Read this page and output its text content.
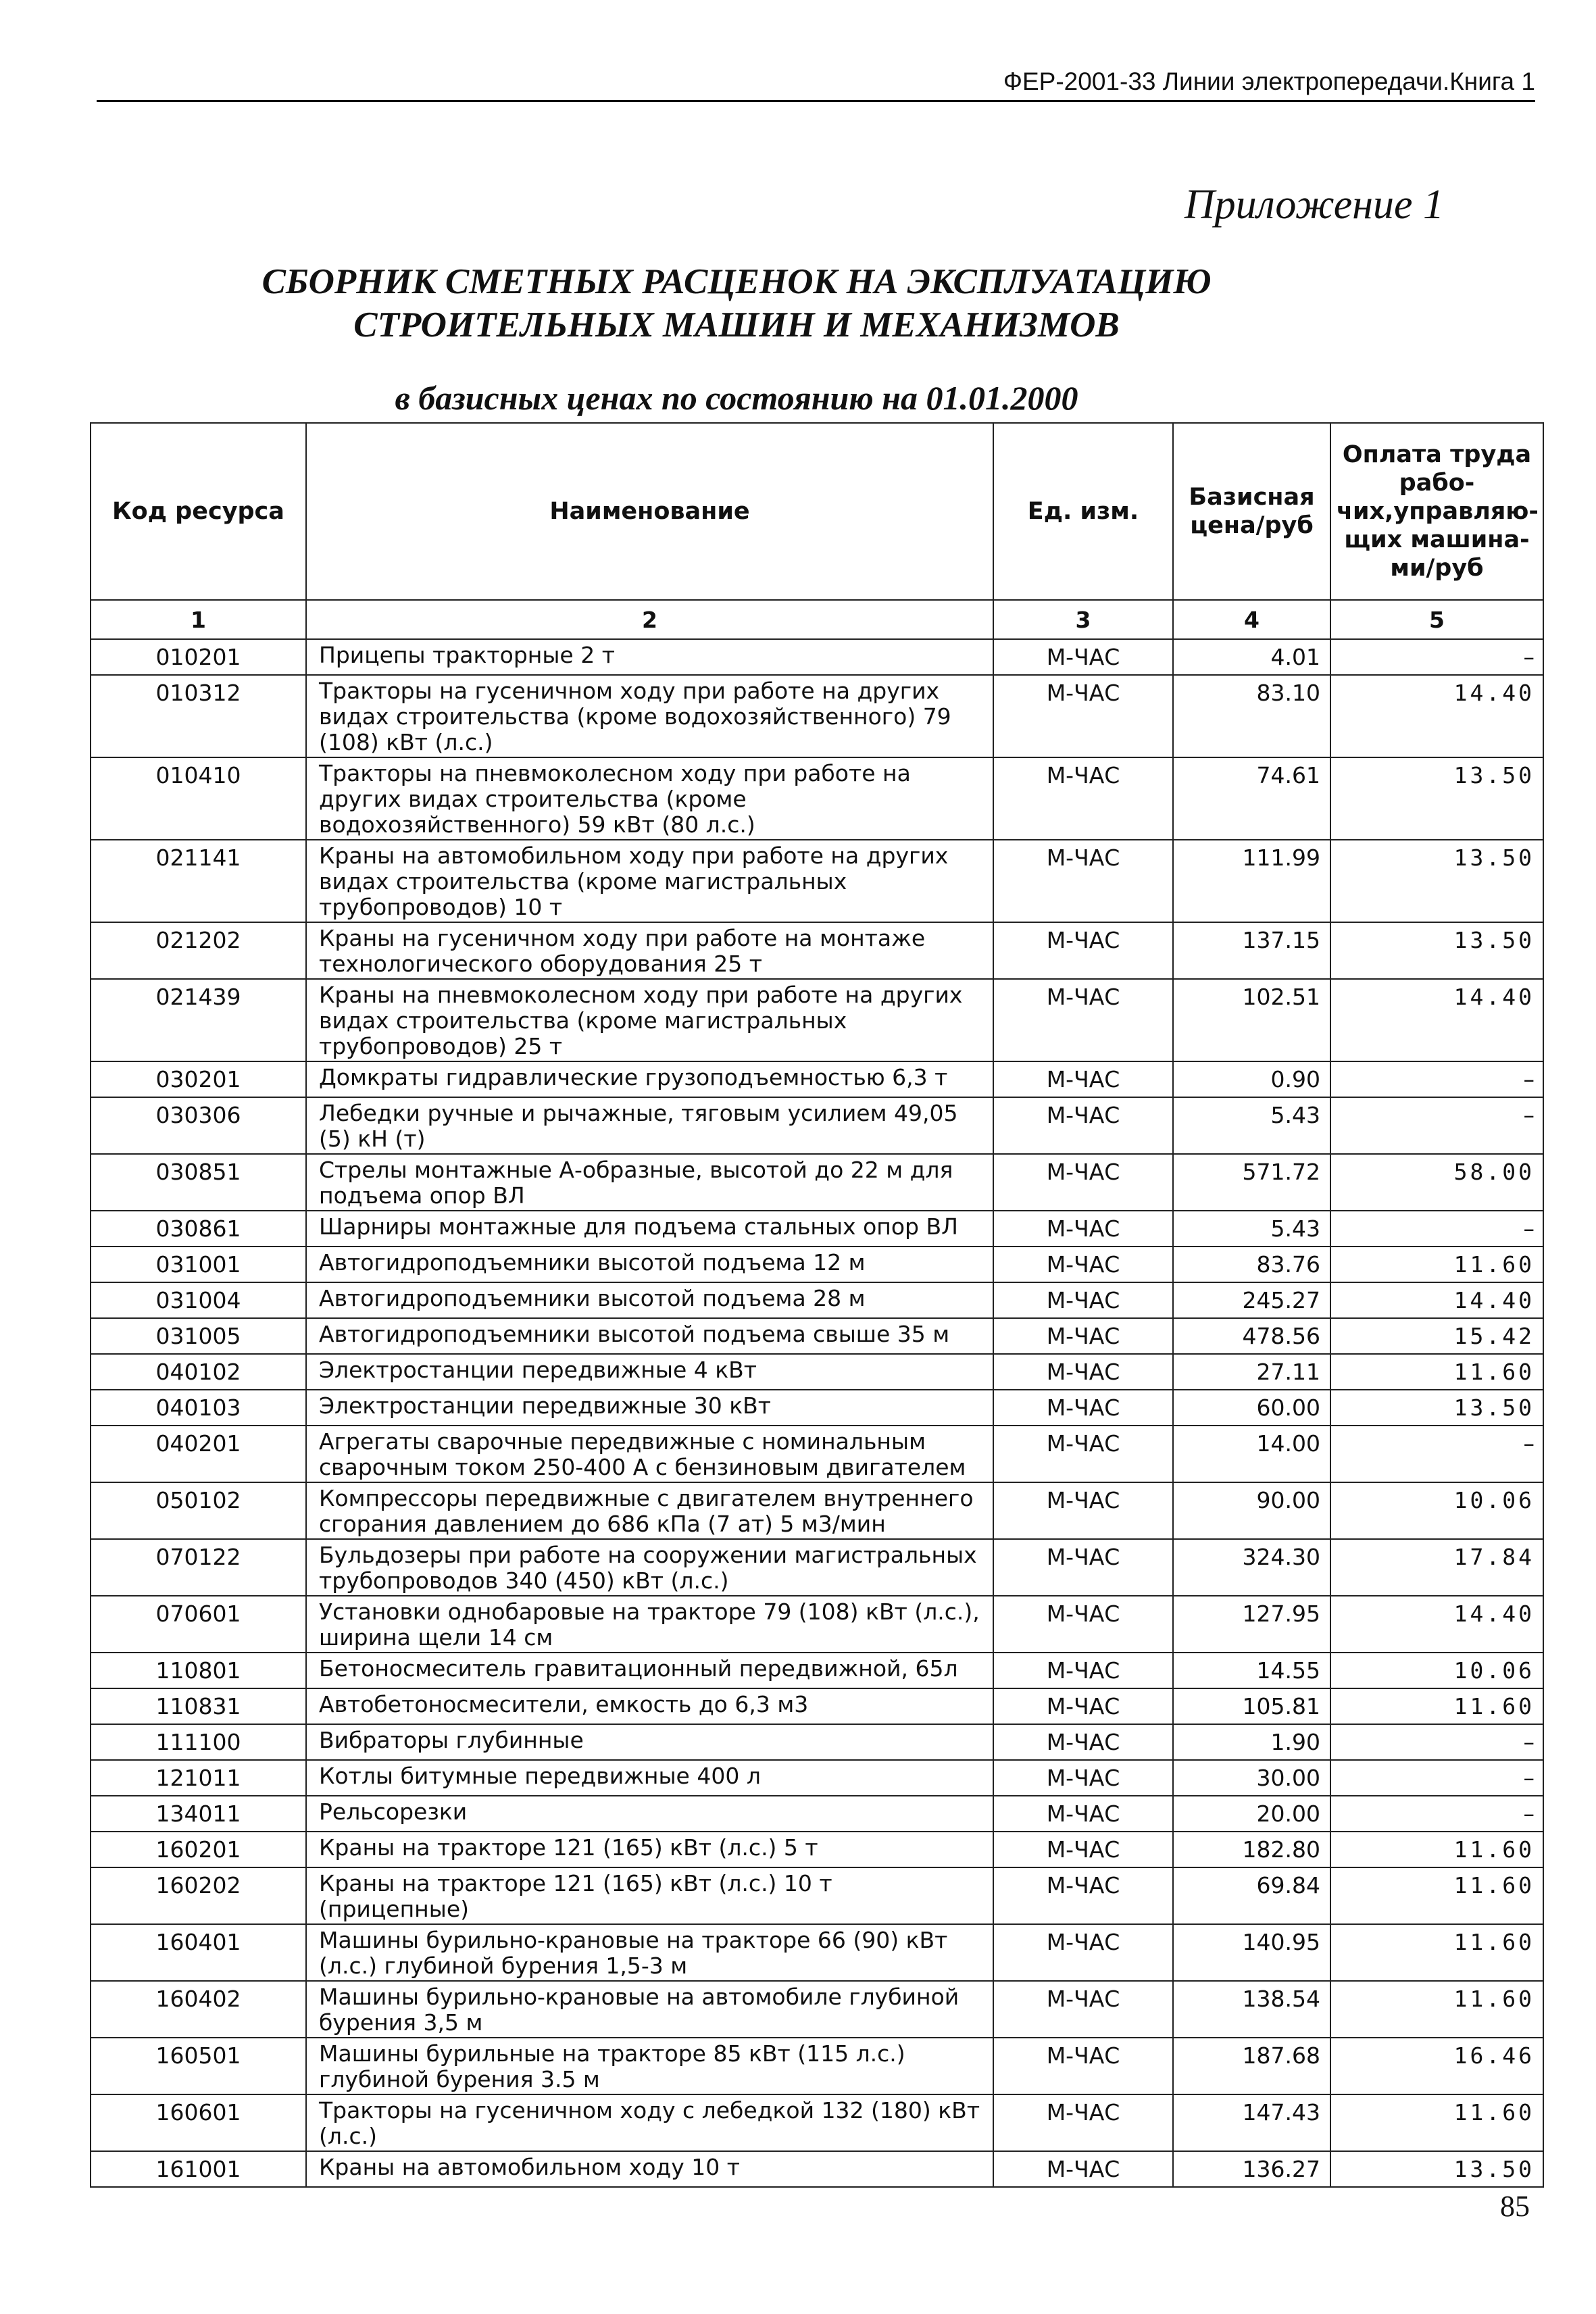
ФЕР-2001-33 Линии электропередачи.Книга 1
Приложение 1
СБОРНИК СМЕТНЫХ РАСЦЕНОК НА ЭКСПЛУАТАЦИЮ
СТРОИТЕЛЬНЫХ МАШИН И МЕХАНИЗМОВ
в базисных ценах по состоянию на 01.01.2000
Код ресурса	Наименование	Ед. изм.	Базисная цена/руб	Оплата труда рабо-чих,управляю-щих машина-ми/руб
1	2	3	4	5
010201	Прицепы тракторные 2 т	М-ЧАС	4.01	–
010312	Тракторы на гусеничном ходу при работе на других видах строительства (кроме водохозяйственного) 79 (108) кВт (л.с.)	М-ЧАС	83.10	14.40
010410	Тракторы на пневмоколесном ходу при работе на других видах строительства (кроме водохозяйственного) 59 кВт (80 л.с.)	М-ЧАС	74.61	13.50
021141	Краны на автомобильном ходу при работе на других видах строительства (кроме магистральных трубопроводов) 10 т	М-ЧАС	111.99	13.50
021202	Краны на гусеничном ходу при работе на монтаже технологического оборудования 25 т	М-ЧАС	137.15	13.50
021439	Краны на пневмоколесном ходу при работе на других видах строительства (кроме магистральных трубопроводов) 25 т	М-ЧАС	102.51	14.40
030201	Домкраты гидравлические грузоподъемностью 6,3 т	М-ЧАС	0.90	–
030306	Лебедки ручные и рычажные, тяговым усилием 49,05 (5) кН (т)	М-ЧАС	5.43	–
030851	Стрелы монтажные А-образные, высотой до 22 м для подъема опор ВЛ	М-ЧАС	571.72	58.00
030861	Шарниры монтажные для подъема стальных опор ВЛ	М-ЧАС	5.43	–
031001	Автогидроподъемники высотой подъема 12 м	М-ЧАС	83.76	11.60
031004	Автогидроподъемники высотой подъема 28 м	М-ЧАС	245.27	14.40
031005	Автогидроподъемники высотой подъема свыше 35 м	М-ЧАС	478.56	15.42
040102	Электростанции передвижные 4 кВт	М-ЧАС	27.11	11.60
040103	Электростанции передвижные 30 кВт	М-ЧАС	60.00	13.50
040201	Агрегаты сварочные передвижные с номинальным сварочным током 250-400 А с бензиновым двигателем	М-ЧАС	14.00	–
050102	Компрессоры передвижные с двигателем внутреннего сгорания давлением до 686 кПа (7 ат) 5 м3/мин	М-ЧАС	90.00	10.06
070122	Бульдозеры при работе на сооружении магистральных трубопроводов 340 (450) кВт (л.с.)	М-ЧАС	324.30	17.84
070601	Установки однобаровые на тракторе 79 (108) кВт (л.с.), ширина щели 14 см	М-ЧАС	127.95	14.40
110801	Бетоносмеситель гравитационный передвижной, 65л	М-ЧАС	14.55	10.06
110831	Автобетоносмесители, емкость до 6,3 м3	М-ЧАС	105.81	11.60
111100	Вибраторы глубинные	М-ЧАС	1.90	–
121011	Котлы битумные передвижные 400 л	М-ЧАС	30.00	–
134011	Рельсорезки	М-ЧАС	20.00	–
160201	Краны на тракторе 121 (165) кВт (л.с.) 5 т	М-ЧАС	182.80	11.60
160202	Краны на тракторе 121 (165) кВт (л.с.) 10 т (прицепные)	М-ЧАС	69.84	11.60
160401	Машины бурильно-крановые на тракторе 66 (90) кВт (л.с.) глубиной бурения 1,5-3 м	М-ЧАС	140.95	11.60
160402	Машины бурильно-крановые на автомобиле глубиной бурения 3,5 м	М-ЧАС	138.54	11.60
160501	Машины бурильные на тракторе 85 кВт (115 л.с.) глубиной бурения 3.5 м	М-ЧАС	187.68	16.46
160601	Тракторы на гусеничном ходу с лебедкой 132 (180) кВт (л.с.)	М-ЧАС	147.43	11.60
161001	Краны на автомобильном ходу 10 т	М-ЧАС	136.27	13.50
85
